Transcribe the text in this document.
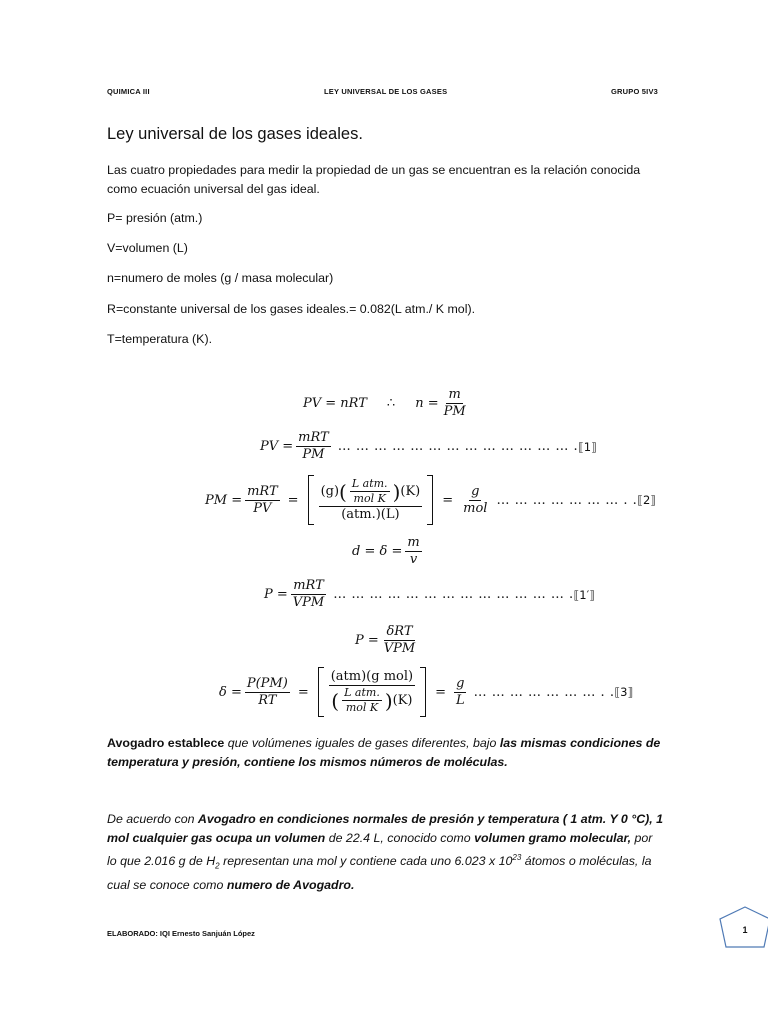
QUIMICA III	LEY UNIVERSAL DE LOS GASES	GRUPO 5IV3
Ley universal de los gases ideales.
Las cuatro propiedades para medir la propiedad de un gas se encuentran es la relación conocida
como ecuación universal del gas ideal.
P= presión (atm.)
V=volumen (L)
n=numero de moles (g / masa molecular)
R=constante universal de los gases ideales.= 0.082(L atm./ K mol).
T=temperatura (K).
PV = nRT ∴ $n = \frac{m}{PM}$
PV = $\frac{\text{mRT}}{PM}$ … … … … … … … … … … … … … . ⟦1⟧
PM = $\frac{\text{mRT}}{PV}$ =
(g) ( $\frac{\text{L atm.}}{\text{mol K}}$ ) (K)
(atm.)(L)
= $\frac{g}{\text{mol}}$ … … … … … … … . . ⟦2⟧
$d = \delta = \frac{m}{v}$
$P = \frac{\text{mRT}}{\text{VPM}}$ … … … … … … … … … … … … … . ⟦1′⟧
$P = \frac{\text{δRT}}{\text{VPM}}$
$\delta = \frac{P(PM)}{RT}$ =
(atm)(g mol)
( $\frac{\text{L atm.}}{\text{mol K}}$ ) (K)
= $\frac{g}{L}$ … … … … … … … . . ⟦3⟧
Avogadro establece que volúmenes iguales de gases diferentes, bajo las mismas condiciones de
temperatura y presión, contiene los mismos números de moléculas.
De acuerdo con Avogadro en condiciones normales de presión y temperatura ( 1 atm. Y 0 °C), 1
mol cualquier gas ocupa un volumen de 22.4 L, conocido como volumen gramo molecular, por
lo que 2.016 g de $H_2$ representan una mol y contiene cada uno 6.023 x $10^{23}$ átomos o moléculas, la
cual se conoce como numero de Avogadro.
ELABORADO: IQI Ernesto Sanjuán López	1
